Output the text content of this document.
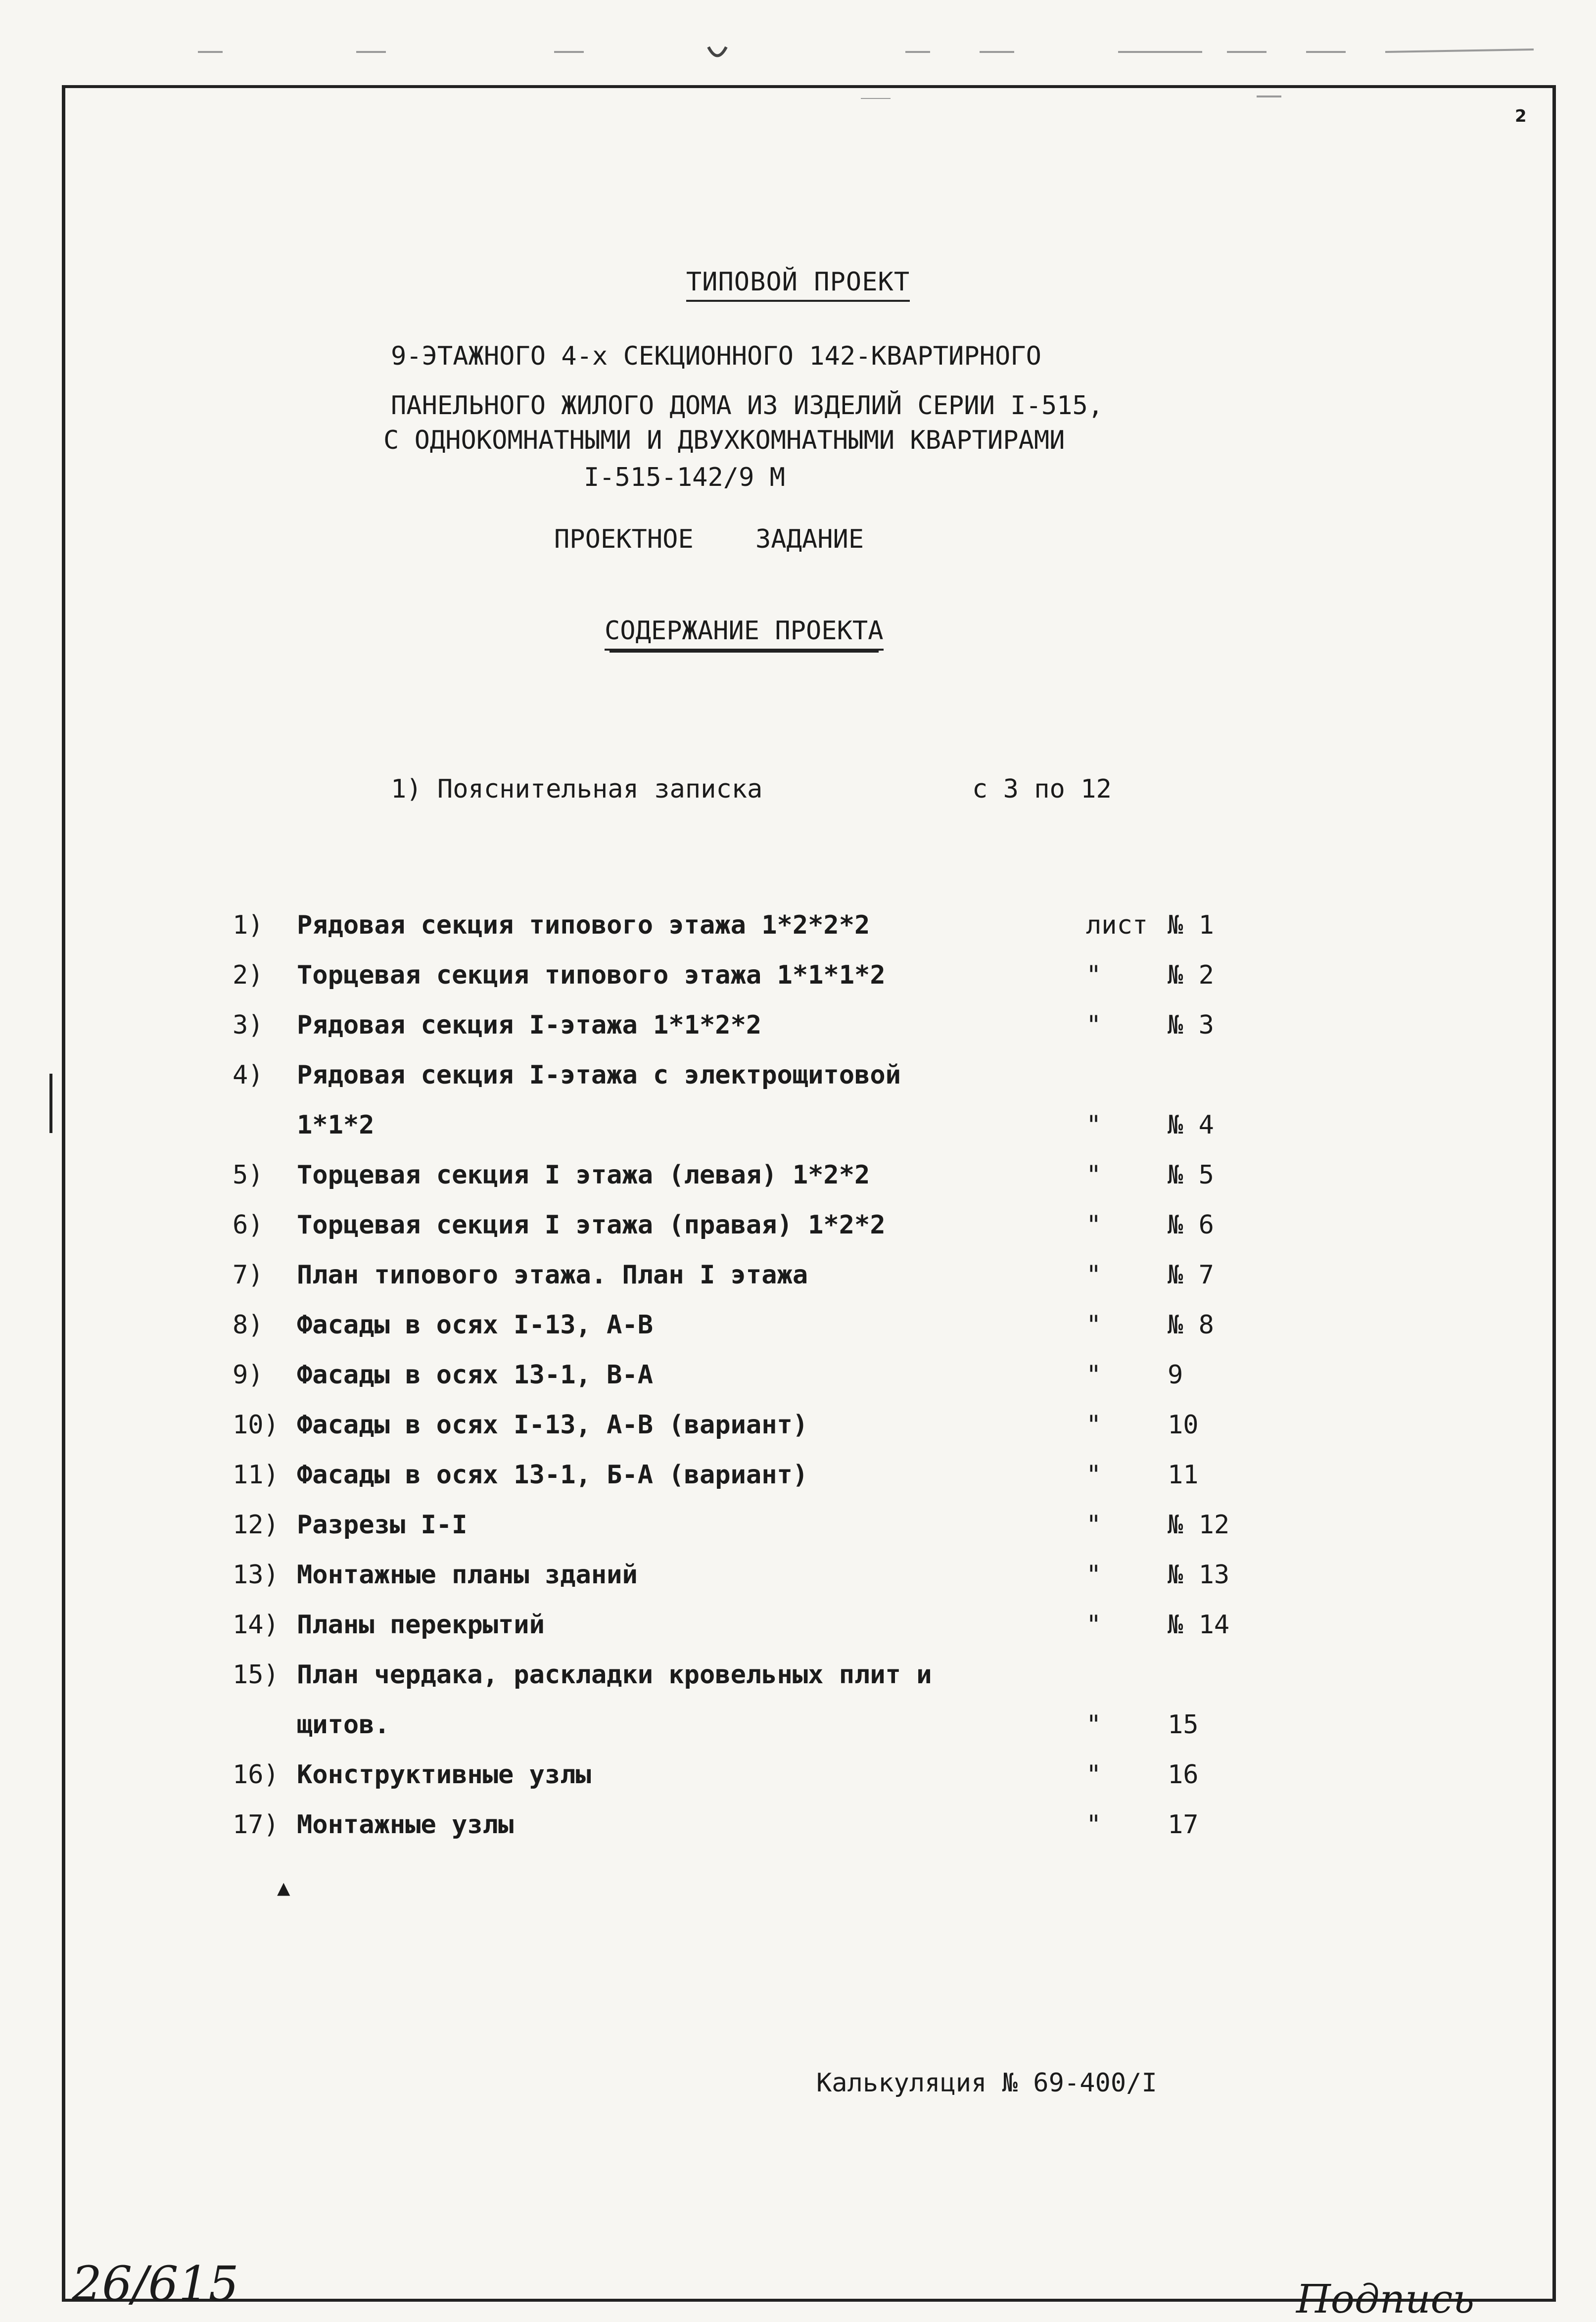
2
ТИПОВОЙ ПРОЕКТ
9-ЭТАЖНОГО 4-х СЕКЦИОННОГО 142-КВАРТИРНОГО
ПАНЕЛЬНОГО ЖИЛОГО ДОМА ИЗ ИЗДЕЛИЙ СЕРИИ I-515,
С ОДНОКОМНАТНЫМИ И ДВУХКОМНАТНЫМИ КВАРТИРАМИ
I-515-142/9 М
ПРОЕКТНОЕ    ЗАДАНИЕ
СОДЕРЖАНИЕ ПРОЕКТА
1) Пояснительная записка	с 3 по 12
1)	Рядовая секция типового этажа 1*2*2*2	лист № 1
2)	Торцевая секция типового этажа 1*1*1*2	"	№ 2
3)	Рядовая секция I-этажа 1*1*2*2	"	№ 3
4)	Рядовая секция I-этажа с электрощитовой
1*1*2	"	№ 4
5)	Торцевая секция I этажа (левая) 1*2*2	"	№ 5
6)	Торцевая секция I этажа (правая) 1*2*2	"	№ 6
7)	План типового этажа. План I этажа	"	№ 7
8)	Фасады в осях I-13, А-В	"	№ 8
9)	Фасады в осях 13-1, В-А	"	9
10) Фасады в осях I-13, А-В (вариант)	"	10
11) Фасады в осях 13-1, Б-А (вариант)	"	11
12) Разрезы I-I	"	№ 12
13) Монтажные планы зданий	"	№ 13
14) Планы перекрытий	"	№ 14
15) План чердака, раскладки кровельных плит и
щитов.	"	15
16) Конструктивные узлы	"	16
17) Монтажные узлы	"	17
▲
Калькуляция № 69-400/I
26/615	Подпись
